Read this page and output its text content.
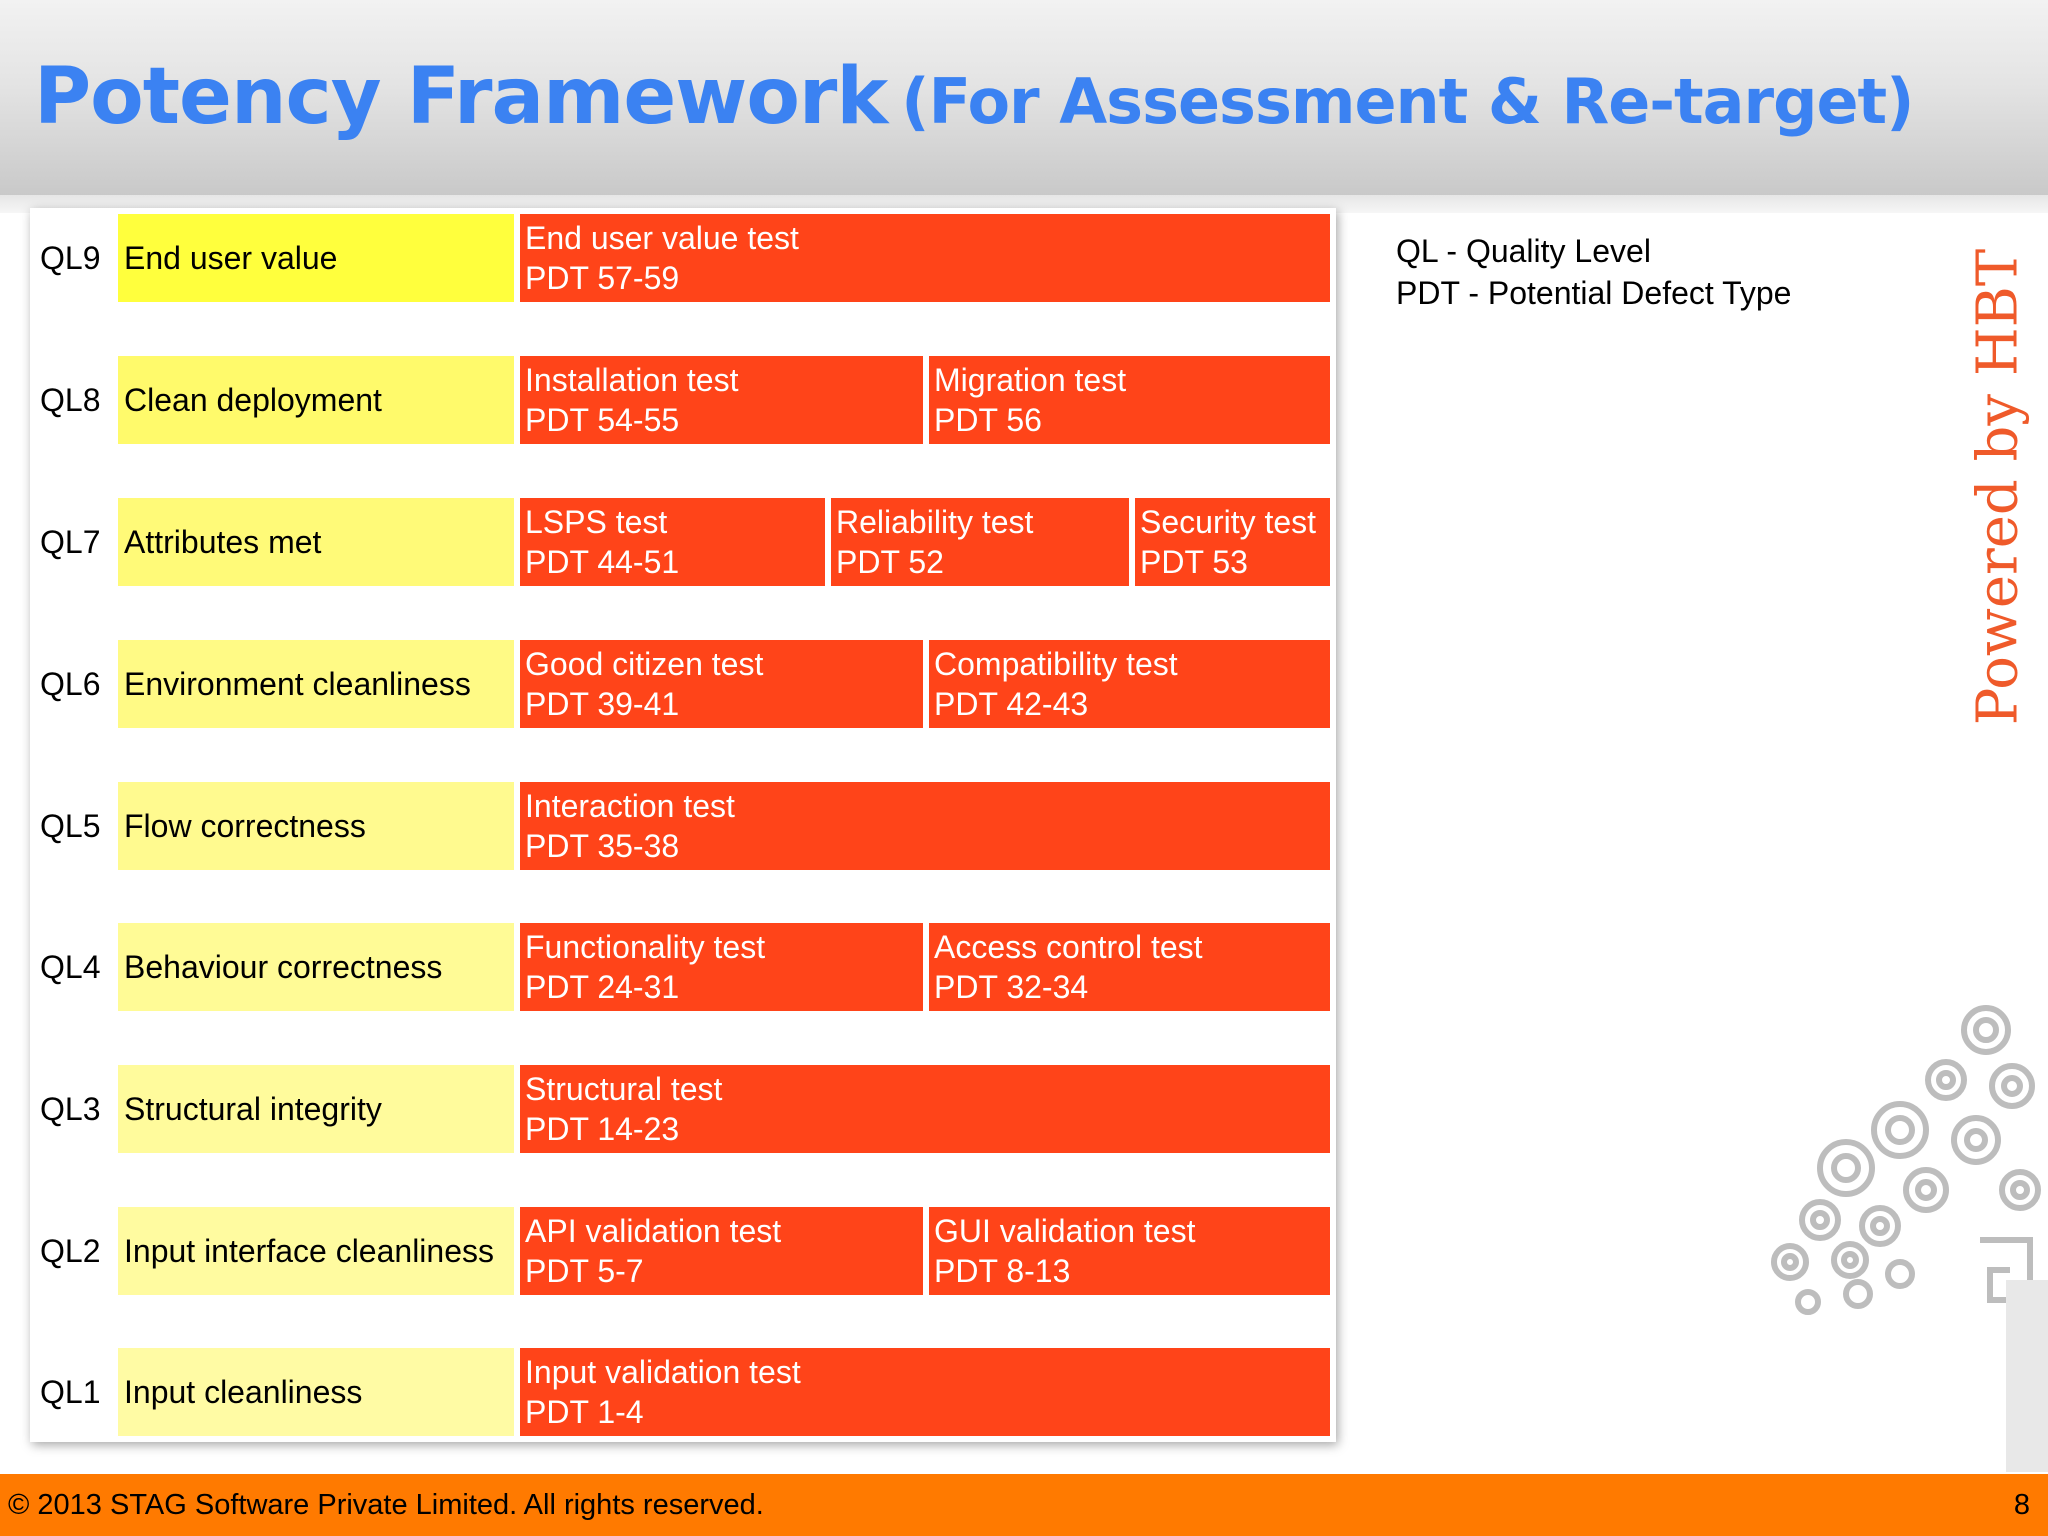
Potency Framework (For Assessment & Re-target)
QL9 End user value
End user value test
PDT 57-59
QL8 Clean deployment
Installation test
PDT 54-55
Migration test
PDT 56
QL7 Attributes met
LSPS test
PDT 44-51
Reliability test
PDT 52
Security test
PDT 53
QL6 Environment cleanliness
Good citizen test
PDT 39-41
Compatibility test
PDT 42-43
QL5 Flow correctness
Interaction test
PDT 35-38
QL4 Behaviour correctness
Functionality test
PDT 24-31
Access control test
PDT 32-34
QL3 Structural integrity
Structural test
PDT 14-23
QL2 Input interface cleanliness
API validation test
PDT 5-7
GUI validation test
PDT 8-13
QL1 Input cleanliness
Input validation test
PDT 1-4
QL - Quality Level
PDT - Potential Defect Type	Powered by HBT
© 2013 STAG Software Private Limited. All rights reserved.	8
